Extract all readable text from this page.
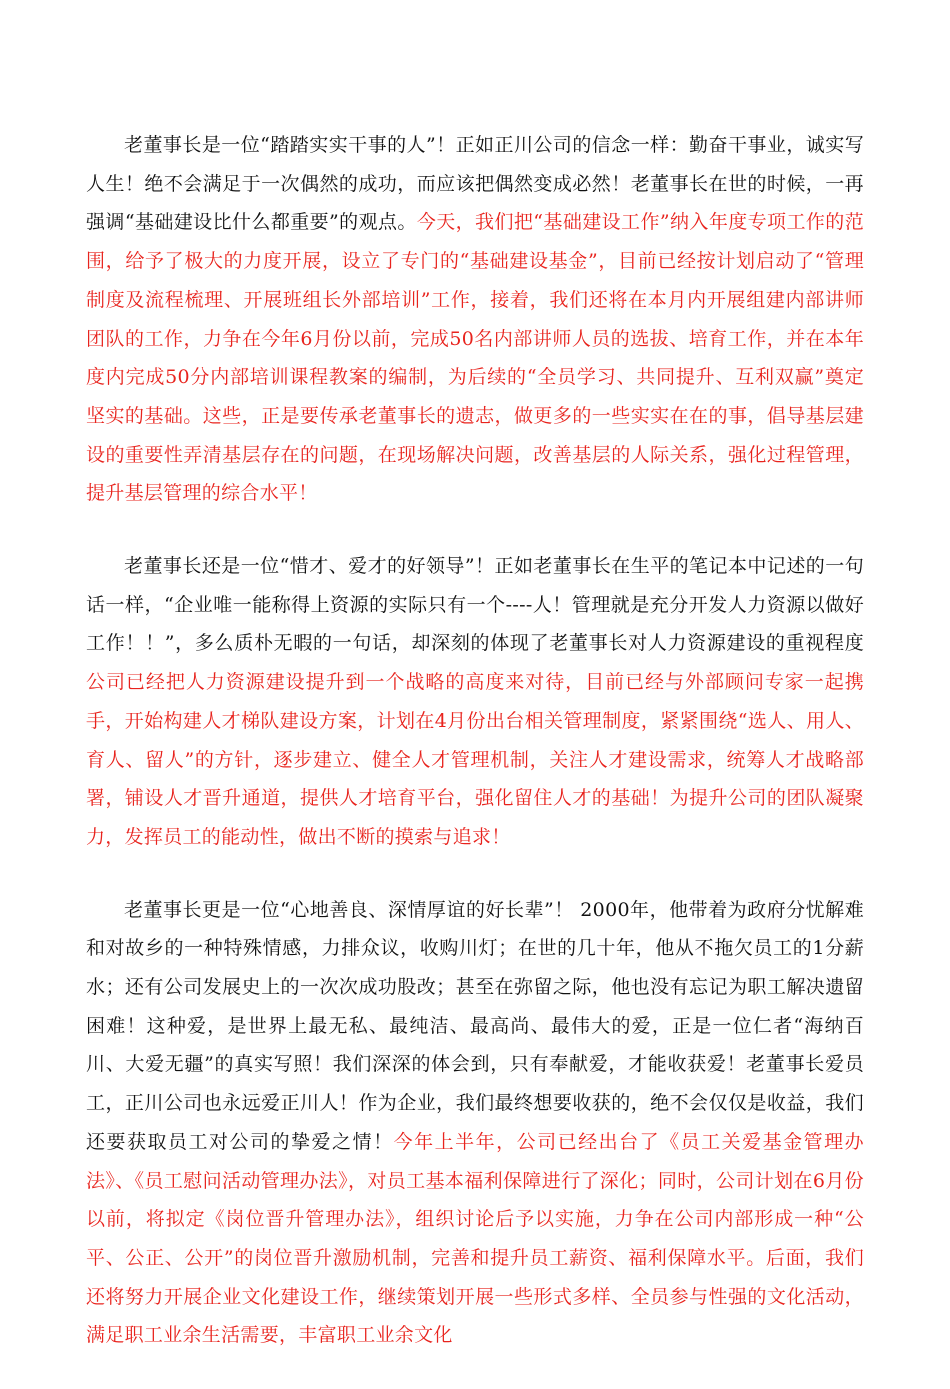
老董事长是一位“踏踏实实干事的人”！正如正川公司的信念一样：勤奋干事业，诚实写人生！绝不会满足于一次偶然的成功，而应该把偶然变成必然！老董事长在世的时候，一再强调“基础建设比什么都重要”的观点。今天，我们把“基础建设工作”纳入年度专项工作的范围，给予了极大的力度开展，设立了专门的“基础建设基金”，目前已经按计划启动了“管理制度及流程梳理、开展班组长外部培训”工作，接着，我们还将在本月内开展组建内部讲师团队的工作，力争在今年6月份以前，完成50名内部讲师人员的选拔、培育工作，并在本年度内完成50分内部培训课程教案的编制，为后续的“全员学习、共同提升、互利双赢”奠定坚实的基础。这些，正是要传承老董事长的遗志，做更多的一些实实在在的事，倡导基层建设的重要性弄清基层存在的问题，在现场解决问题，改善基层的人际关系，强化过程管理，提升基层管理的综合水平！

老董事长还是一位“惜才、爱才的好领导”！正如老董事长在生平的笔记本中记述的一句话一样，“企业唯一能称得上资源的实际只有一个----人！管理就是充分开发人力资源以做好工作！！”，多么质朴无暇的一句话，却深刻的体现了老董事长对人力资源建设的重视程度公司已经把人力资源建设提升到一个战略的高度来对待，目前已经与外部顾问专家一起携手，开始构建人才梯队建设方案，计划在4月份出台相关管理制度，紧紧围绕“选人、用人、育人、留人”的方针，逐步建立、健全人才管理机制，关注人才建设需求，统筹人才战略部署，铺设人才晋升通道，提供人才培育平台，强化留住人才的基础！为提升公司的团队凝聚力，发挥员工的能动性，做出不断的摸索与追求！

老董事长更是一位“心地善良、深情厚谊的好长辈”！ 2000年，他带着为政府分忧解难和对故乡的一种特殊情感，力排众议，收购川灯；在世的几十年，他从不拖欠员工的1分薪水；还有公司发展史上的一次次成功股改；甚至在弥留之际，他也没有忘记为职工解决遗留困难！这种爱，是世界上最无私、最纯洁、最高尚、最伟大的爱，正是一位仁者“海纳百川、大爱无疆”的真实写照！我们深深的体会到，只有奉献爱，才能收获爱！老董事长爱员工，正川公司也永远爱正川人！作为企业，我们最终想要收获的，绝不会仅仅是收益，我们还要获取员工对公司的挚爱之情！今年上半年，公司已经出台了《员工关爱基金管理办法》、《员工慰问活动管理办法》，对员工基本福利保障进行了深化；同时，公司计划在6月份以前，将拟定《岗位晋升管理办法》，组织讨论后予以实施，力争在公司内部形成一种“公平、公正、公开”的岗位晋升激励机制，完善和提升员工薪资、福利保障水平。后面，我们还将努力开展企业文化建设工作，继续策划开展一些形式多样、全员参与性强的文化活动，满足职工业余生活需要，丰富职工业余文化
